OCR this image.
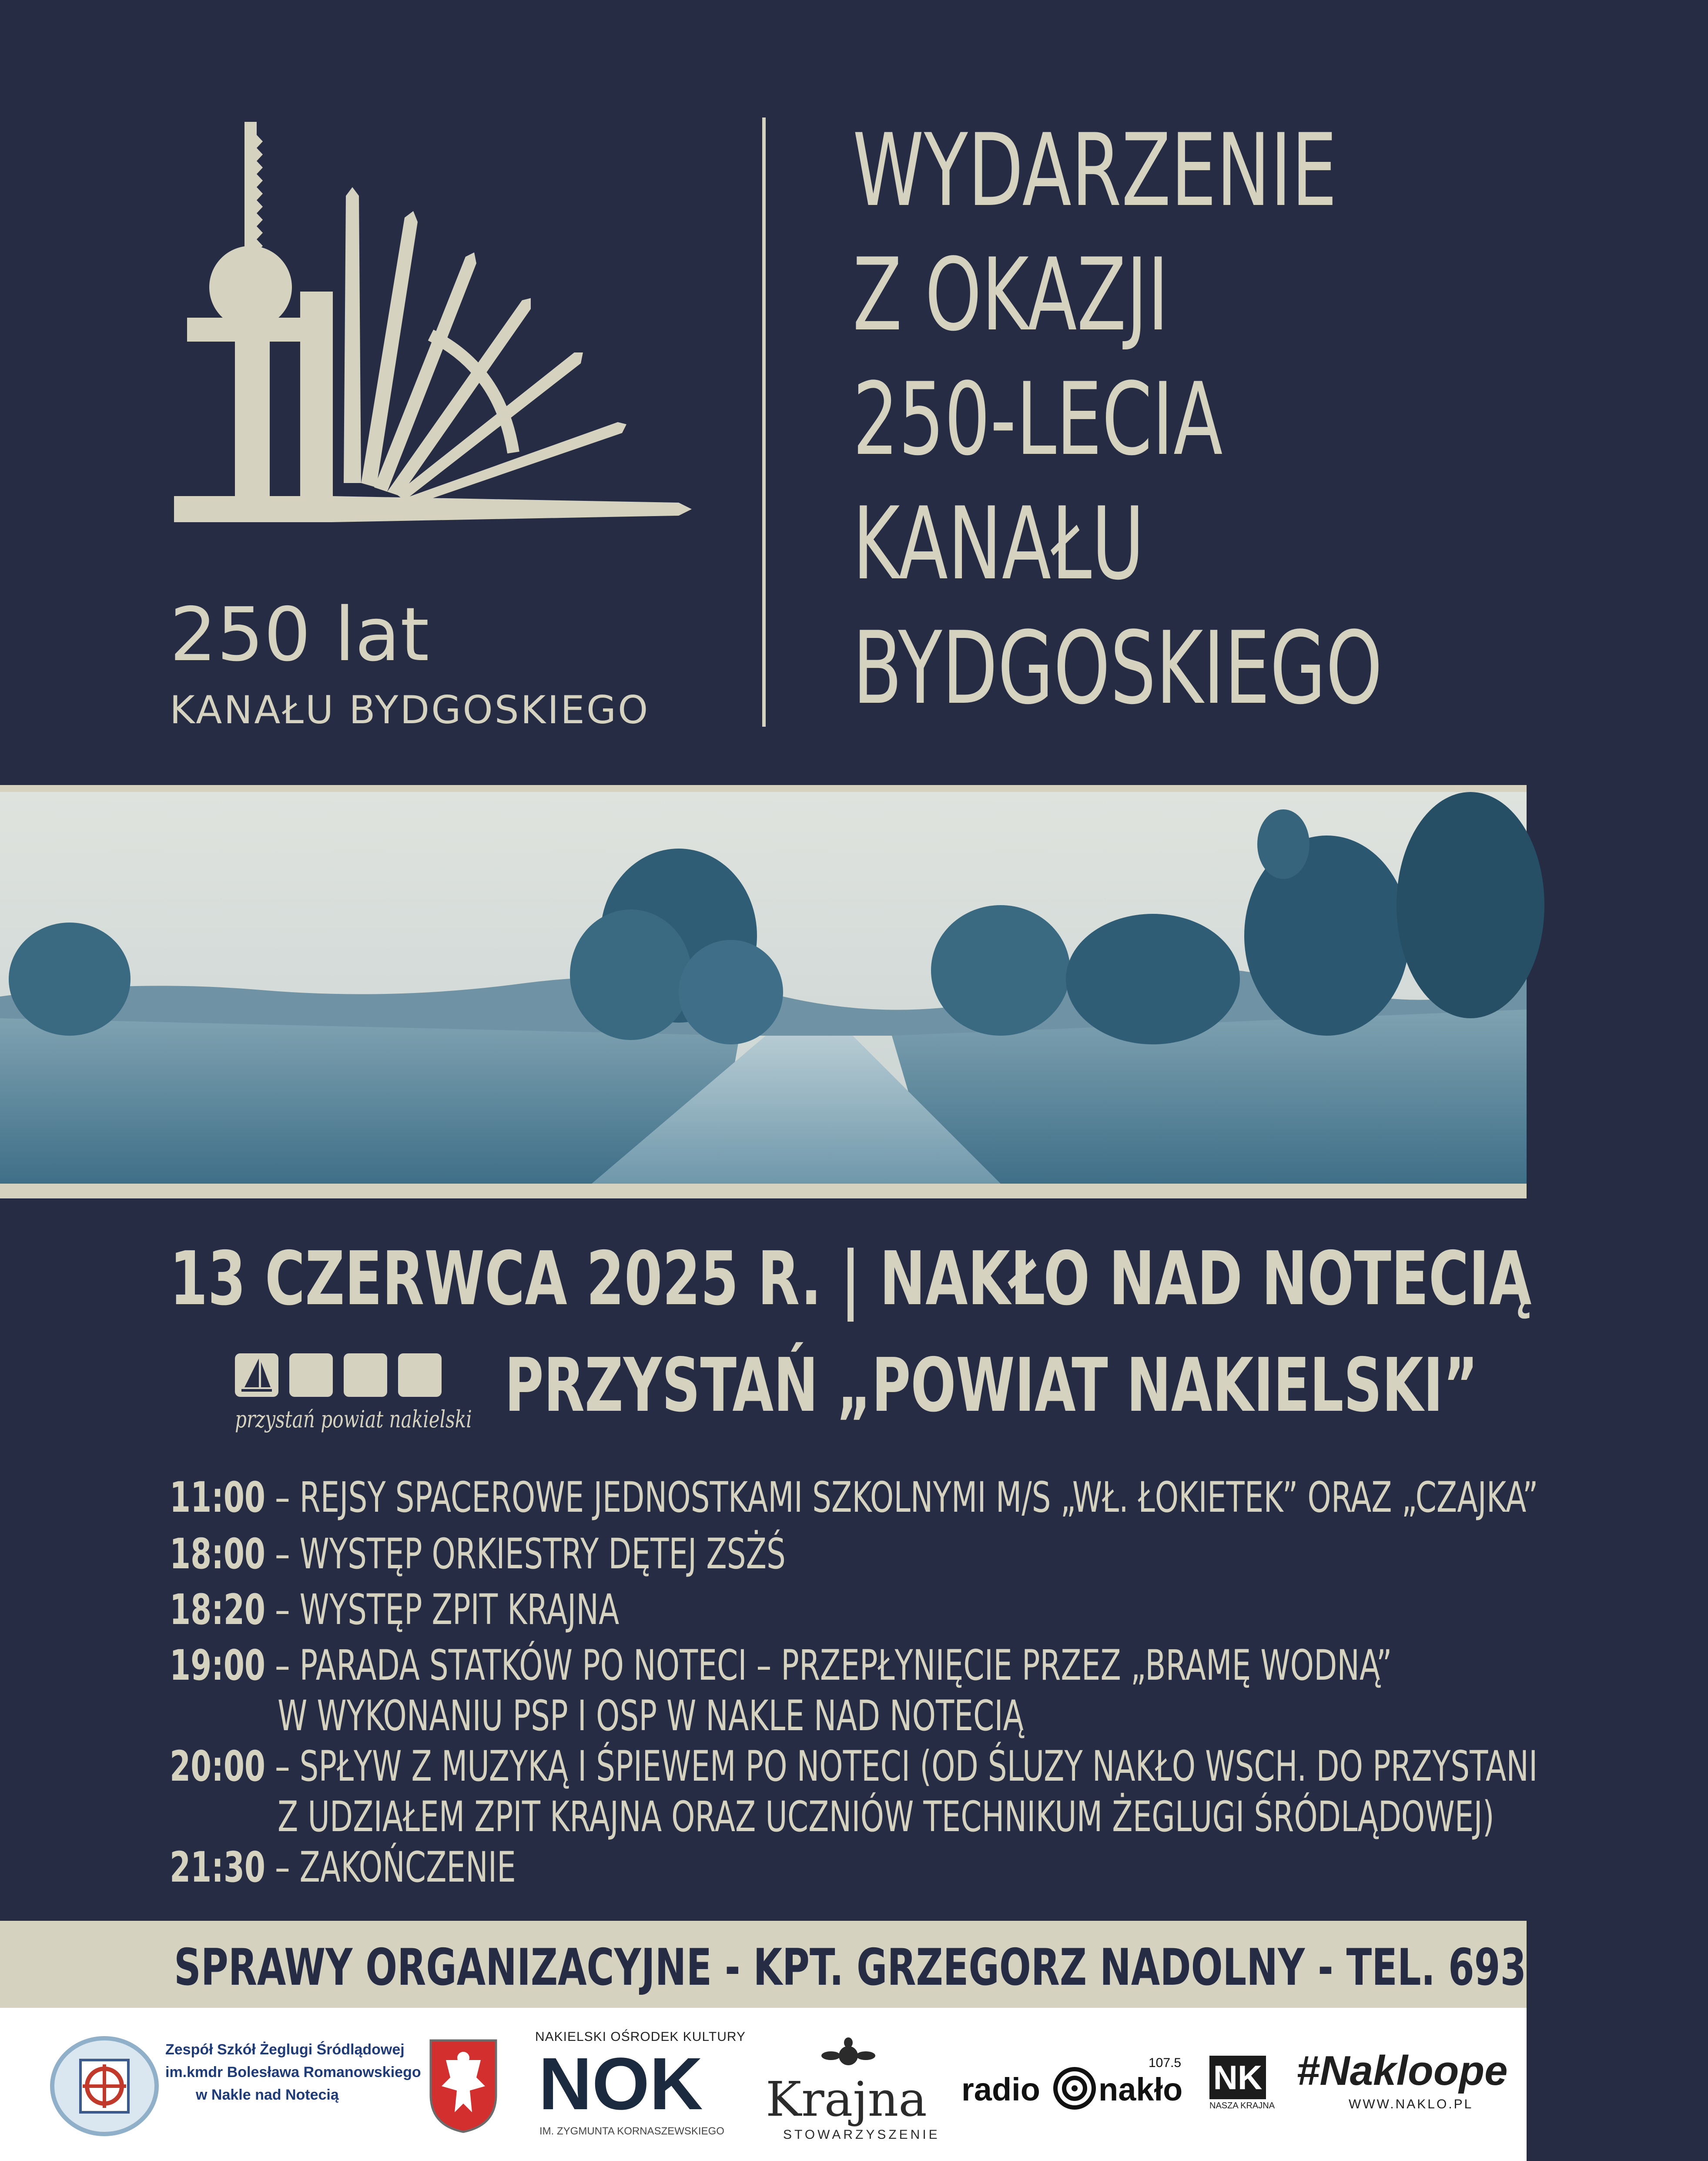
250 lat
KANAŁU BYDGOSKIEGO
WYDARZENIE
Z OKAZJI
250-LECIA
KANAŁU
BYDGOSKIEGO
13 CZERWCA 2025 R. | NAKŁO NAD NOTECIĄ
przystań powiat nakielski PRZYSTAŃ „POWIAT NAKIELSKI”
11:00 – REJSY SPACEROWE JEDNOSTKAMI SZKOLNYMI M/S „WŁ. ŁOKIETEK” ORAZ „CZAJKA”
18:00 – WYSTĘP ORKIESTRY DĘTEJ ZSŻŚ
18:20 – WYSTĘP ZPIT KRAJNA
19:00 – PARADA STATKÓW PO NOTECI – PRZEPŁYNIĘCIE PRZEZ „BRAMĘ WODNĄ”
W WYKONANIU PSP I OSP W NAKLE NAD NOTECIĄ
20:00 – SPŁYW Z MUZYKĄ I ŚPIEWEM PO NOTECI (OD ŚLUZY NAKŁO WSCH. DO PRZYSTANI
Z UDZIAŁEM ZPIT KRAJNA ORAZ UCZNIÓW TECHNIKUM ŻEGLUGI ŚRÓDLĄDOWEJ)
21:30 – ZAKOŃCZENIE
SPRAWY ORGANIZACYJNE - KPT. GRZEGORZ NADOLNY - TEL. 693 855 016
Zespół Szkół Żeglugi Śródlądowej
im.kmdr Bolesława Romanowskiego
w Nakle nad Notecią
NAKIELSKI OŚRODEK KULTURY
NOK
IM. ZYGMUNTA KORNASZEWSKIEGO
Krajna
STOWARZYSZENIE
radio nakło
107.5 NK
NASZA KRAJNA
#Nakloope
WWW.NAKLO.PL
